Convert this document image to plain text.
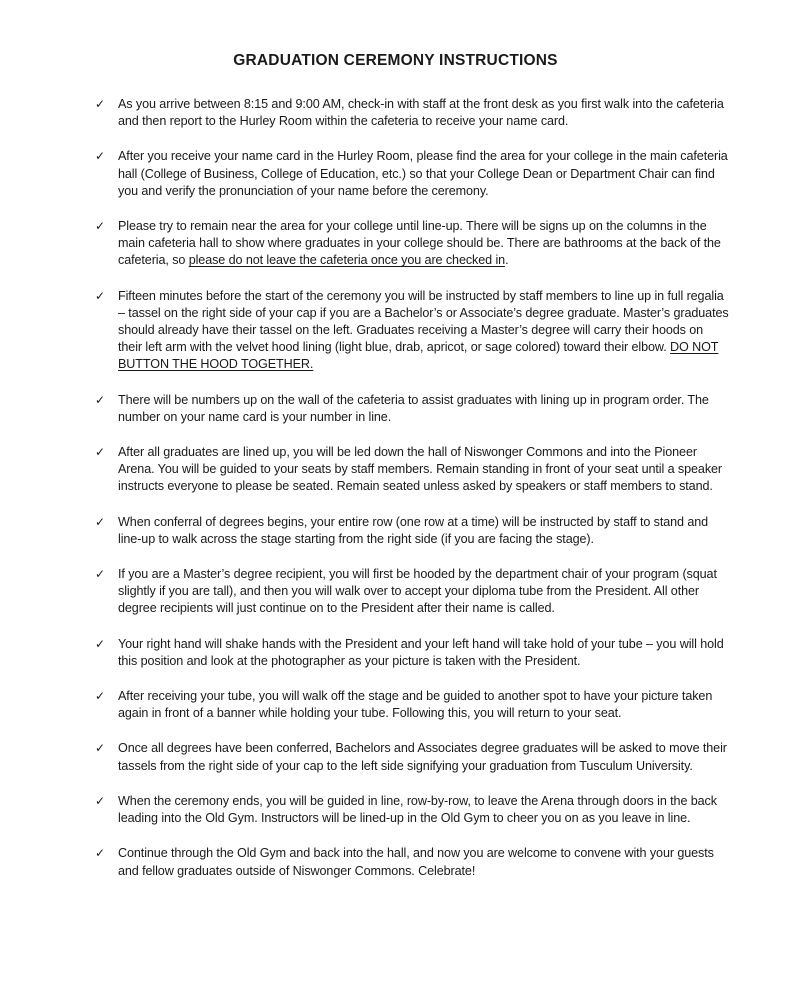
GRADUATION CEREMONY INSTRUCTIONS
✓	As you arrive between 8:15 and 9:00 AM, check-in with staff at the front desk as you first walk into the cafeteria and then report to the Hurley Room within the cafeteria to receive your name card.
✓	After you receive your name card in the Hurley Room, please find the area for your college in the main cafeteria hall (College of Business, College of Education, etc.) so that your College Dean or Department Chair can find you and verify the pronunciation of your name before the ceremony.
✓	Please try to remain near the area for your college until line-up. There will be signs up on the columns in the main cafeteria hall to show where graduates in your college should be. There are bathrooms at the back of the cafeteria, so please do not leave the cafeteria once you are checked in.
✓	Fifteen minutes before the start of the ceremony you will be instructed by staff members to line up in full regalia – tassel on the right side of your cap if you are a Bachelor’s or Associate’s degree graduate. Master’s graduates should already have their tassel on the left. Graduates receiving a Master’s degree will carry their hoods on their left arm with the velvet hood lining (light blue, drab, apricot, or sage colored) toward their elbow. DO NOT BUTTON THE HOOD TOGETHER.
✓	There will be numbers up on the wall of the cafeteria to assist graduates with lining up in program order. The number on your name card is your number in line.
✓	After all graduates are lined up, you will be led down the hall of Niswonger Commons and into the Pioneer Arena. You will be guided to your seats by staff members. Remain standing in front of your seat until a speaker instructs everyone to please be seated. Remain seated unless asked by speakers or staff members to stand.
✓	When conferral of degrees begins, your entire row (one row at a time) will be instructed by staff to stand and line-up to walk across the stage starting from the right side (if you are facing the stage).
✓	If you are a Master’s degree recipient, you will first be hooded by the department chair of your program (squat slightly if you are tall), and then you will walk over to accept your diploma tube from the President. All other degree recipients will just continue on to the President after their name is called.
✓	Your right hand will shake hands with the President and your left hand will take hold of your tube – you will hold this position and look at the photographer as your picture is taken with the President.
✓	After receiving your tube, you will walk off the stage and be guided to another spot to have your picture taken again in front of a banner while holding your tube. Following this, you will return to your seat.
✓	Once all degrees have been conferred, Bachelors and Associates degree graduates will be asked to move their tassels from the right side of your cap to the left side signifying your graduation from Tusculum University.
✓	When the ceremony ends, you will be guided in line, row-by-row, to leave the Arena through doors in the back leading into the Old Gym. Instructors will be lined-up in the Old Gym to cheer you on as you leave in line.
✓	Continue through the Old Gym and back into the hall, and now you are welcome to convene with your guests and fellow graduates outside of Niswonger Commons. Celebrate!
